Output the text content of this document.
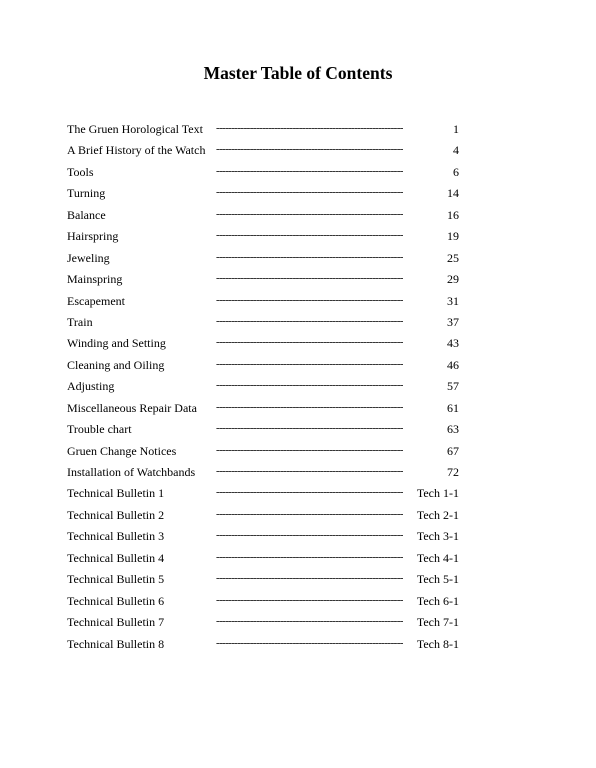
Master Table of Contents
The Gruen Horological Text -------------------------------------------------------------	1
A Brief History of the Watch -------------------------------------------------------------	4
Tools	-------------------------------------------------------------	6
Turning	-------------------------------------------------------------	14
Balance	-------------------------------------------------------------	16
Hairspring	-------------------------------------------------------------	19
Jeweling	-------------------------------------------------------------	25
Mainspring	-------------------------------------------------------------	29
Escapement	-------------------------------------------------------------	31
Train	-------------------------------------------------------------	37
Winding and Setting	-------------------------------------------------------------	43
Cleaning and Oiling	-------------------------------------------------------------	46
Adjusting	-------------------------------------------------------------	57
Miscellaneous Repair Data -------------------------------------------------------------	61
Trouble chart	-------------------------------------------------------------	63
Gruen Change Notices	-------------------------------------------------------------	67
Installation of Watchbands -------------------------------------------------------------	72
Technical Bulletin 1	------------------------------------------------------------- Tech 1-1
Technical Bulletin 2	------------------------------------------------------------- Tech 2-1
Technical Bulletin 3	------------------------------------------------------------- Tech 3-1
Technical Bulletin 4	------------------------------------------------------------- Tech 4-1
Technical Bulletin 5	------------------------------------------------------------- Tech 5-1
Technical Bulletin 6	------------------------------------------------------------- Tech 6-1
Technical Bulletin 7	------------------------------------------------------------- Tech 7-1
Technical Bulletin 8	------------------------------------------------------------- Tech 8-1
